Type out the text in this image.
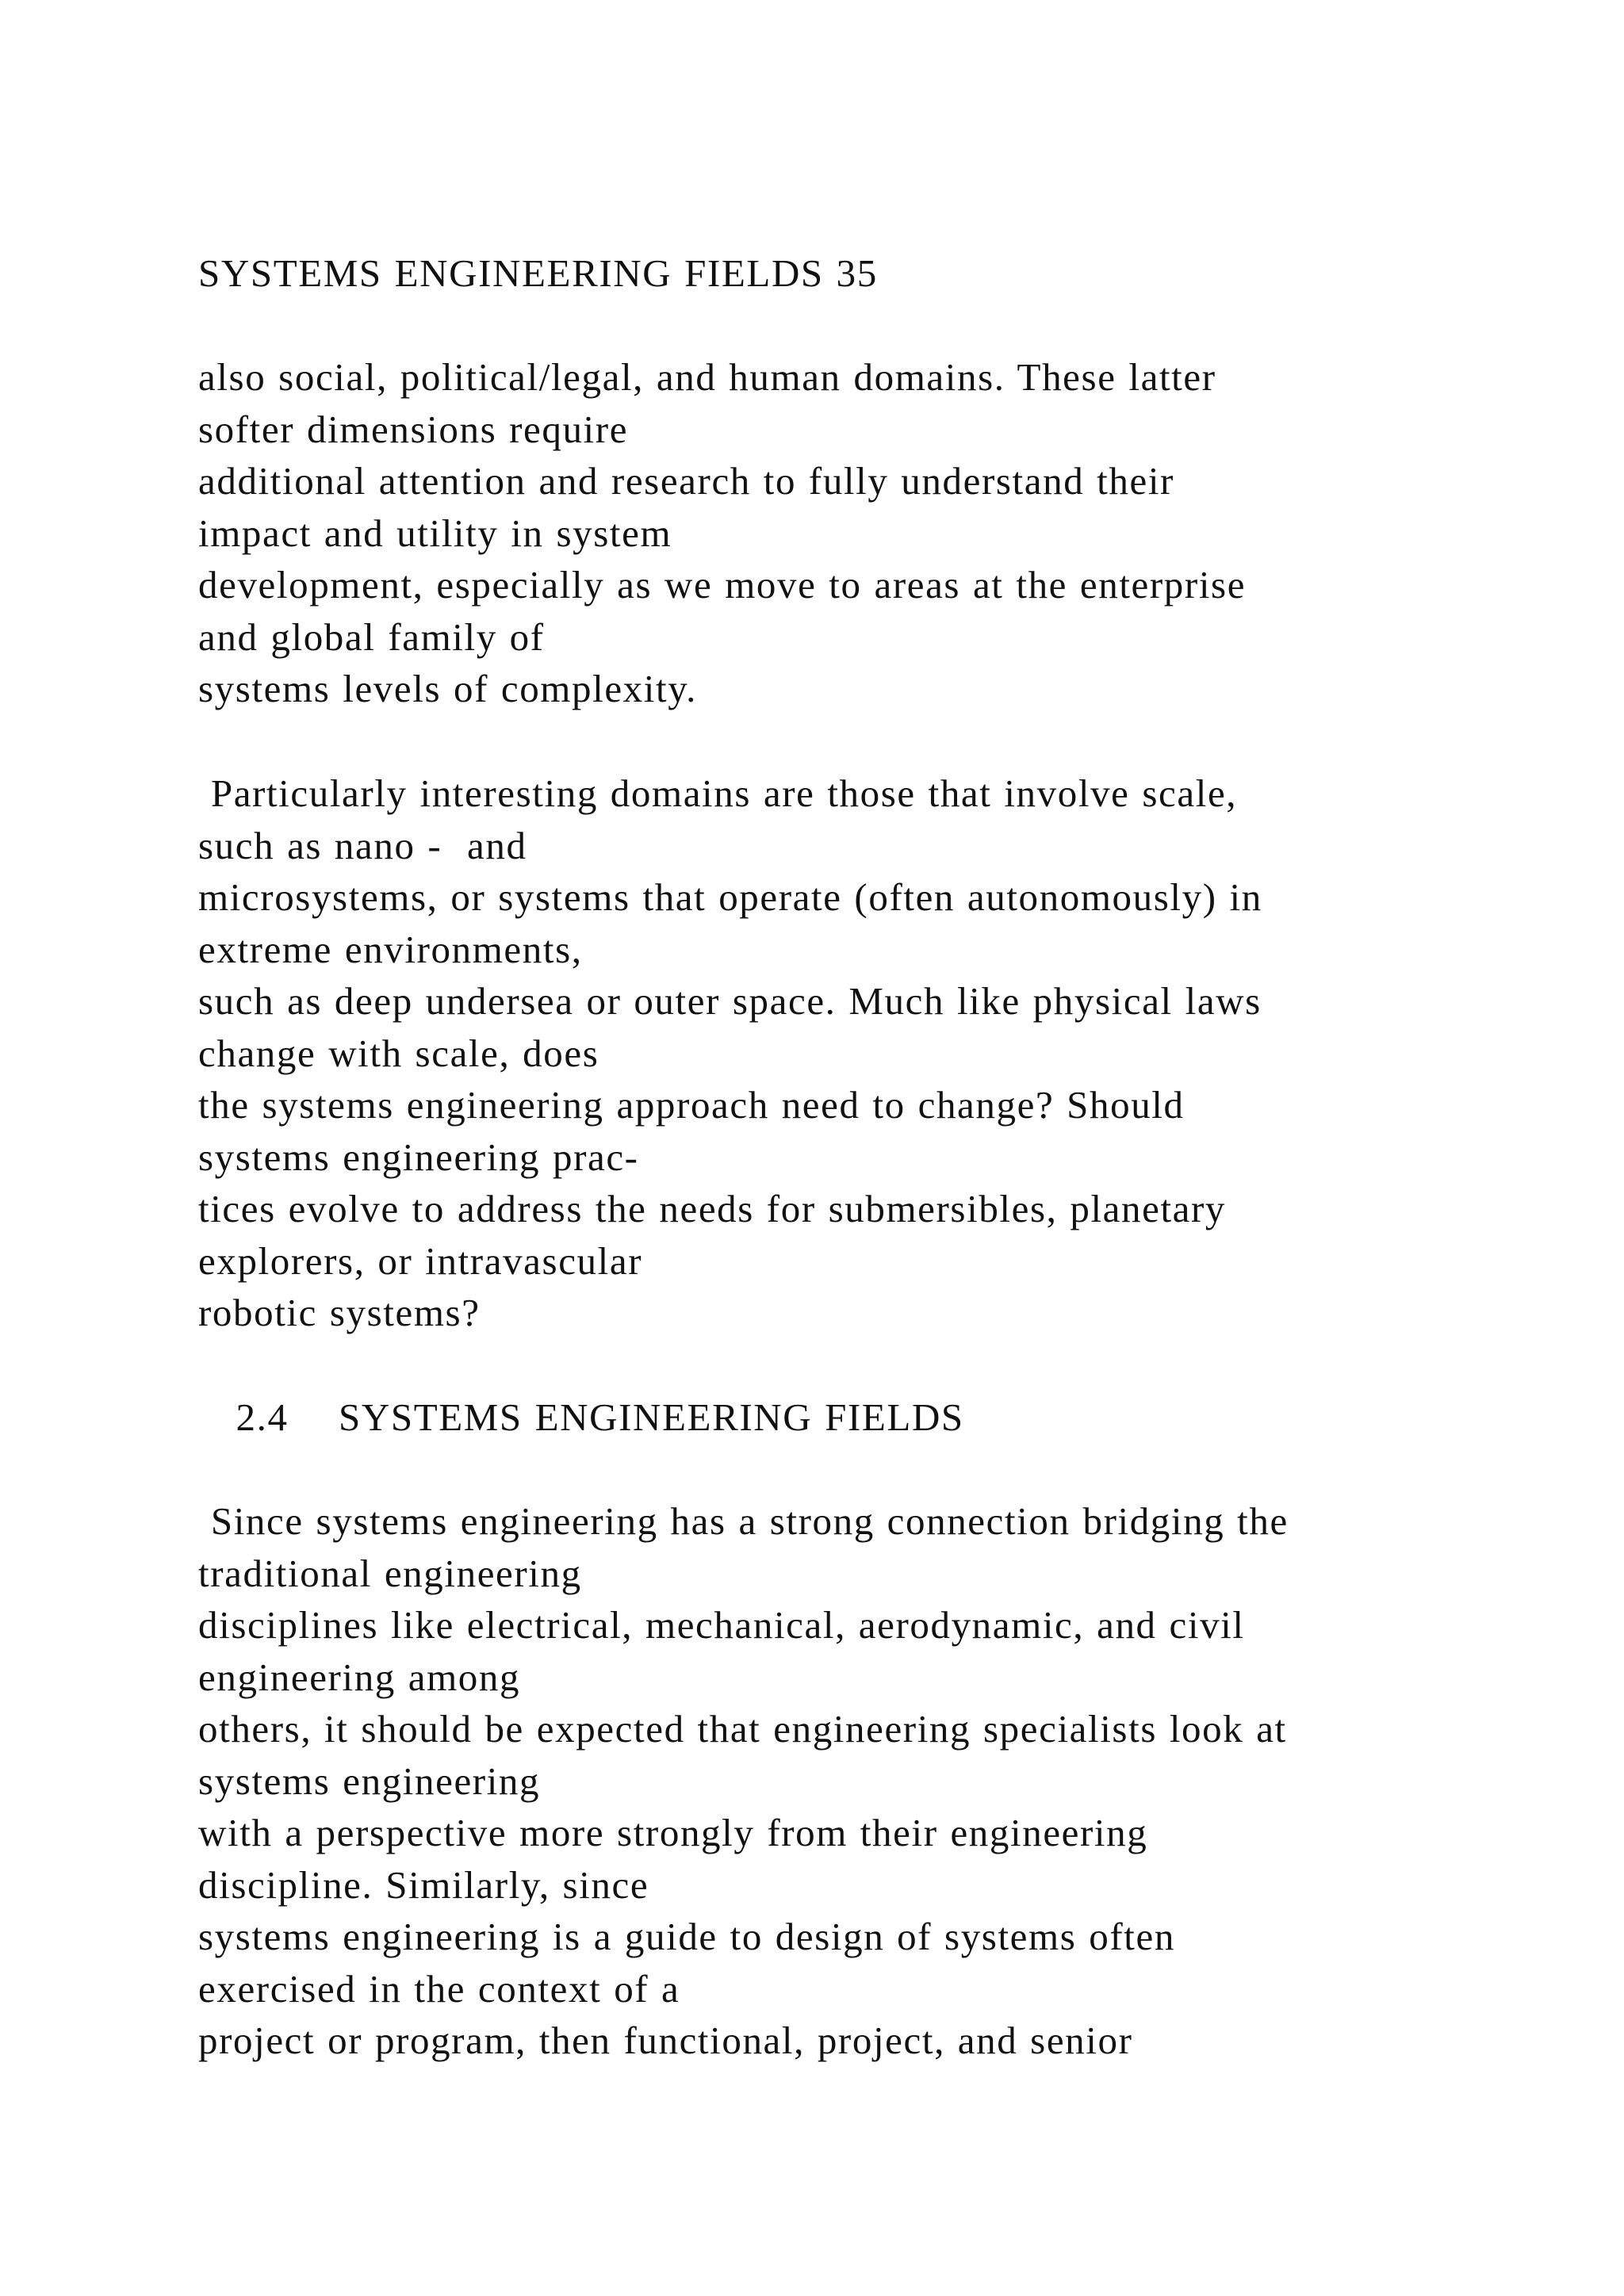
SYSTEMS ENGINEERING FIELDS 35
also social, political/legal, and human domains. These latter
softer dimensions require
additional attention and research to fully understand their
impact and utility in system
development, especially as we move to areas at the enterprise
and global family of
systems levels of complexity.
Particularly interesting domains are those that involve scale,
such as nano -  and
microsystems, or systems that operate (often autonomously) in
extreme environments,
such as deep undersea or outer space. Much like physical laws
change with scale, does
the systems engineering approach need to change? Should
systems engineering prac-
tices evolve to address the needs for submersibles, planetary
explorers, or intravascular
robotic systems?
2.4    SYSTEMS ENGINEERING FIELDS
Since systems engineering has a strong connection bridging the
traditional engineering
disciplines like electrical, mechanical, aerodynamic, and civil
engineering among
others, it should be expected that engineering specialists look at
systems engineering
with a perspective more strongly from their engineering
discipline. Similarly, since
systems engineering is a guide to design of systems often
exercised in the context of a
project or program, then functional, project, and senior
